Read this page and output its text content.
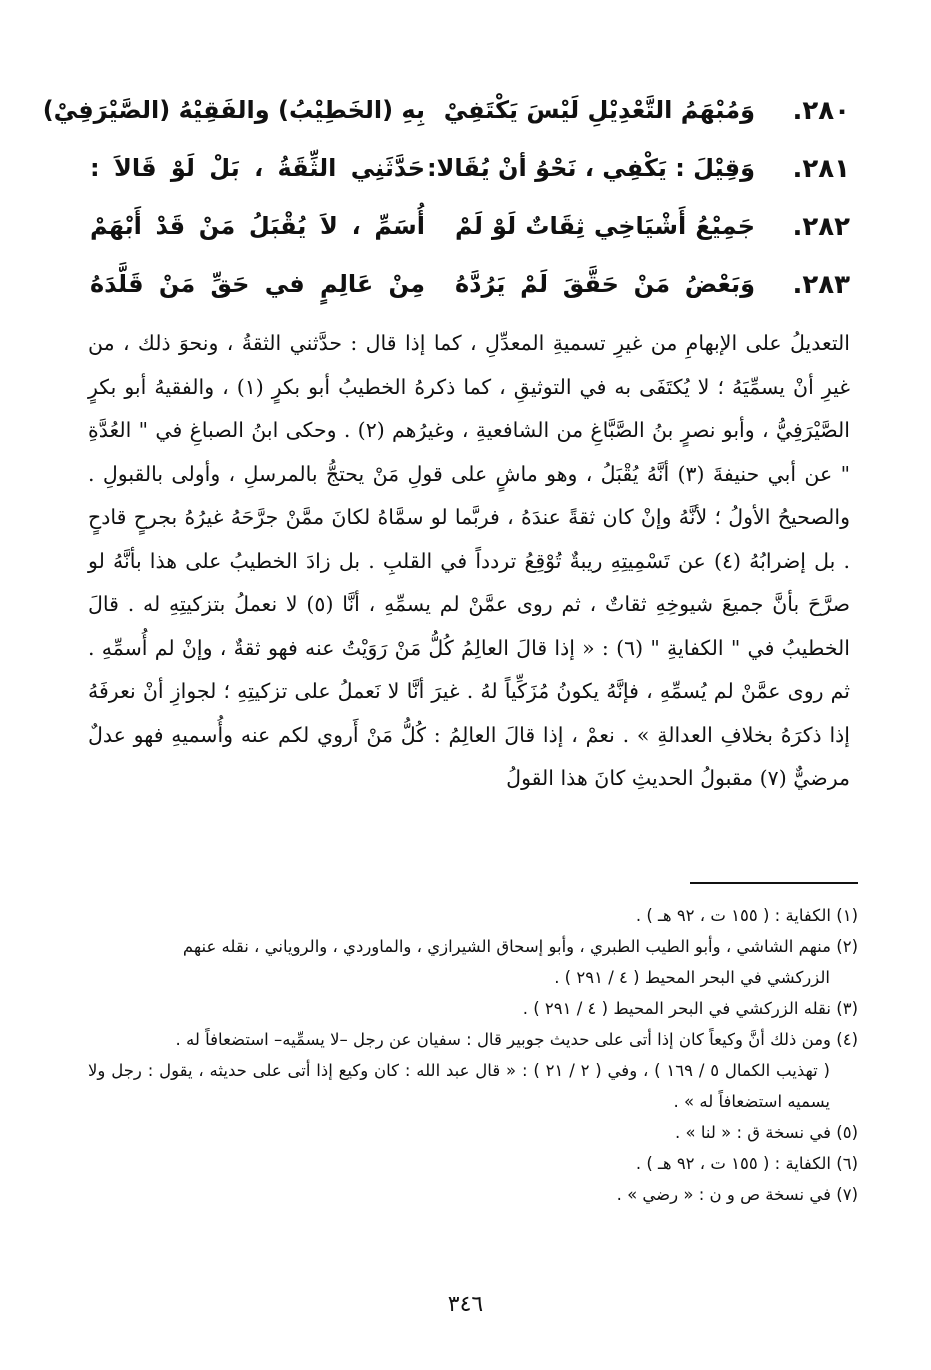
٢٨٠.
وَمُبْهَمُ التَّعْدِيْلِ لَيْسَ يَكْتَفِيْ
بِهِ (الخَطِيْبُ) والفَقِيْهُ (الصَّيْرَفِيْ)
٢٨١.
وَقِيْلَ : يَكْفِي ، نَحْوُ أنْ يُقَالا:
حَدَّثَنِي الثِّقَةُ ، بَلْ لَوْ قَالاَ :
٢٨٢.
جَمِيْعُ أَشْيَاخِي ثِقَاتٌ لَوْ لَمْ
أُسَمِّ ، لاَ يُقْبَلُ مَنْ قَدْ أَبْهَمْ
٢٨٣.
وَبَعْضُ مَنْ حَقَّقَ لَمْ يَرُدَّهُ
مِنْ عَالِمٍ في حَقِّ مَنْ قَلَّدَهُ

التعديلُ على الإبهامِ من غيرِ تسميةِ المعدِّلِ ، كما إذا قال : حدَّثني الثقةُ ، ونحوَ ذلك ، من غيرِ أنْ يسمِّيَهُ ؛ لا يُكتَفَى به في التوثيقِ ، كما ذكرهُ الخطيبُ أبو بكرٍ (١) ، والفقيهُ أبو بكرٍ الصَّيْرَفِيُّ ، وأبو نصرٍ بنُ الصَّبَّاغِ من الشافعيةِ ، وغيرُهم (٢) . وحكى ابنُ الصباغِ في " العُدَّةِ " عن أبي حنيفةَ (٣) أنَّهُ يُقْبَلُ ، وهو ماشٍ على قولِ مَنْ يحتجُّ بالمرسلِ ، وأولى بالقبولِ . والصحيحُ الأولُ ؛ لأنَّهُ وإنْ كان ثقةً عندَهُ ، فربَّما لو سمَّاهُ لكانَ ممَّنْ جرَّحَهُ غيرُهُ بجرحٍ قادحٍ . بل إضرابُهُ (٤) عن تَسْمِيتِهِ ريبةٌ تُوْقِعُ تردداً في القلبِ . بل زادَ الخطيبُ على هذا بأنَّهُ لو صرَّحَ بأنَّ جميعَ شيوخِهِ ثقاتٌ ، ثم روى عمَّنْ لم يسمِّهِ ، أنَّا (٥) لا نعملُ بتزكيتِهِ له . قالَ الخطيبُ في " الكفايةِ " (٦) : « إذا قالَ العالِمُ كُلُّ مَنْ رَوَيْتُ عنه فهو ثقةٌ ، وإنْ لم أُسمِّهِ . ثم روى عمَّنْ لم يُسمِّهِ ، فإنَّهُ يكونُ مُزَكِّياً لهُ . غيرَ أنَّا لا نَعملُ على تزكيتِهِ ؛ لجوازِ أنْ نعرفَهُ إذا ذكرَهُ بخلافِ العدالةِ » . نعمْ ، إذا قالَ العالِمُ : كُلُّ مَنْ أَروي لكم عنه وأُسميهِ فهو عدلٌ مرضيٌّ (٧) مقبولُ الحديثِ كانَ هذا القولُ

(١) الكفاية : ( ١٥٥ ت ، ٩٢ هـ ) .

(٢) منهم الشاشي ، وأبو الطيب الطبري ، وأبو إسحاق الشيرازي ، والماوردي ، والروياني ، نقله عنهم

الزركشي في البحر المحيط ( ٤ / ٢٩١ ) .

(٣) نقله الزركشي في البحر المحيط ( ٤ / ٢٩١ ) .

(٤) ومن ذلك أنَّ وكيعاً كان إذا أتى على حديث جوبير قال : سفيان عن رجل –لا يسمِّيه– استضعافاً له .

( تهذيب الكمال ٥ / ١٦٩ ) ، وفي ( ٢ / ٢١ ) : « قال عبد الله : كان وكيع إذا أتى على حديثه ، يقول : رجل ولا يسميه استضعافاً له » .

(٥) في نسخة ق : « لنا » .

(٦) الكفاية : ( ١٥٥ ت ، ٩٢ هـ ) .

(٧) في نسخة ص و ن : « رضي » .

٣٤٦
